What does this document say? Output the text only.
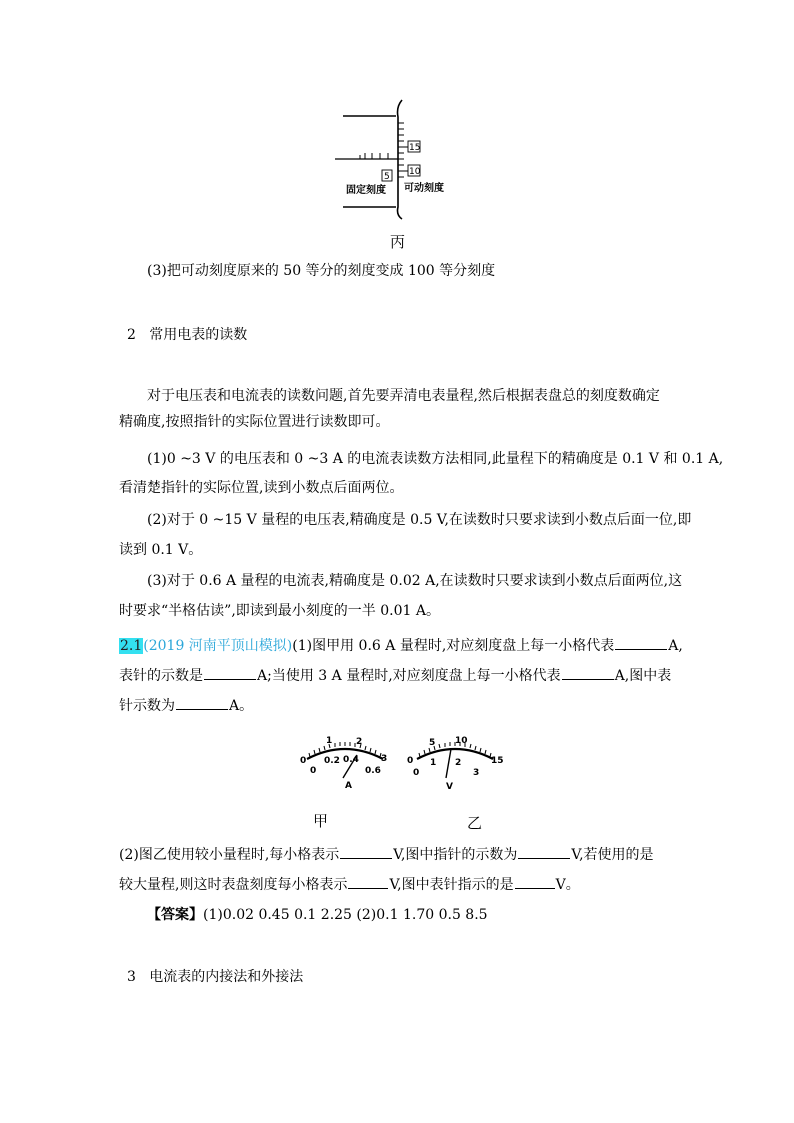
15
10
5
固定刻度 可动刻度
丙
(3)把可动刻度原来的 50 等分的刻度变成 100 等分刻度
2 常用电表的读数
对于电压表和电流表的读数问题,首先要弄清电表量程,然后根据表盘总的刻度数确定
精确度,按照指针的实际位置进行读数即可。
(1)0 ~3 V 的电压表和 0 ~3 A 的电流表读数方法相同,此量程下的精确度是 0.1 V 和 0.1 A,
看清楚指针的实际位置,读到小数点后面两位。
(2)对于 0 ~15 V 量程的电压表,精确度是 0.5 V,在读数时只要求读到小数点后面一位,即
读到 0.1 V。
(3)对于 0.6 A 量程的电流表,精确度是 0.02 A,在读数时只要求读到小数点后面两位,这
时要求“半格估读”,即读到最小刻度的一半 0.01 A。
2.1(2019 河南平顶山模拟)(1)图甲用 0.6 A 量程时,对应刻度盘上每一小格代表	A,
表针的示数是	A;当使用 3 A 量程时,对应刻度盘上每一小格代表	A,图中表
针示数为	A。
0
1	2
3
0
0.2 0.4
0.6
A
0
5 10
15
0
1 2
3
V
甲	乙
(2)图乙使用较小量程时,每小格表示	V,图中指针的示数为	V,若使用的是
较大量程,则这时表盘刻度每小格表示	V,图中表针指示的是	V。
【答案】(1)0.02 0.45 0.1 2.25 (2)0.1 1.70 0.5 8.5
3 电流表的内接法和外接法
